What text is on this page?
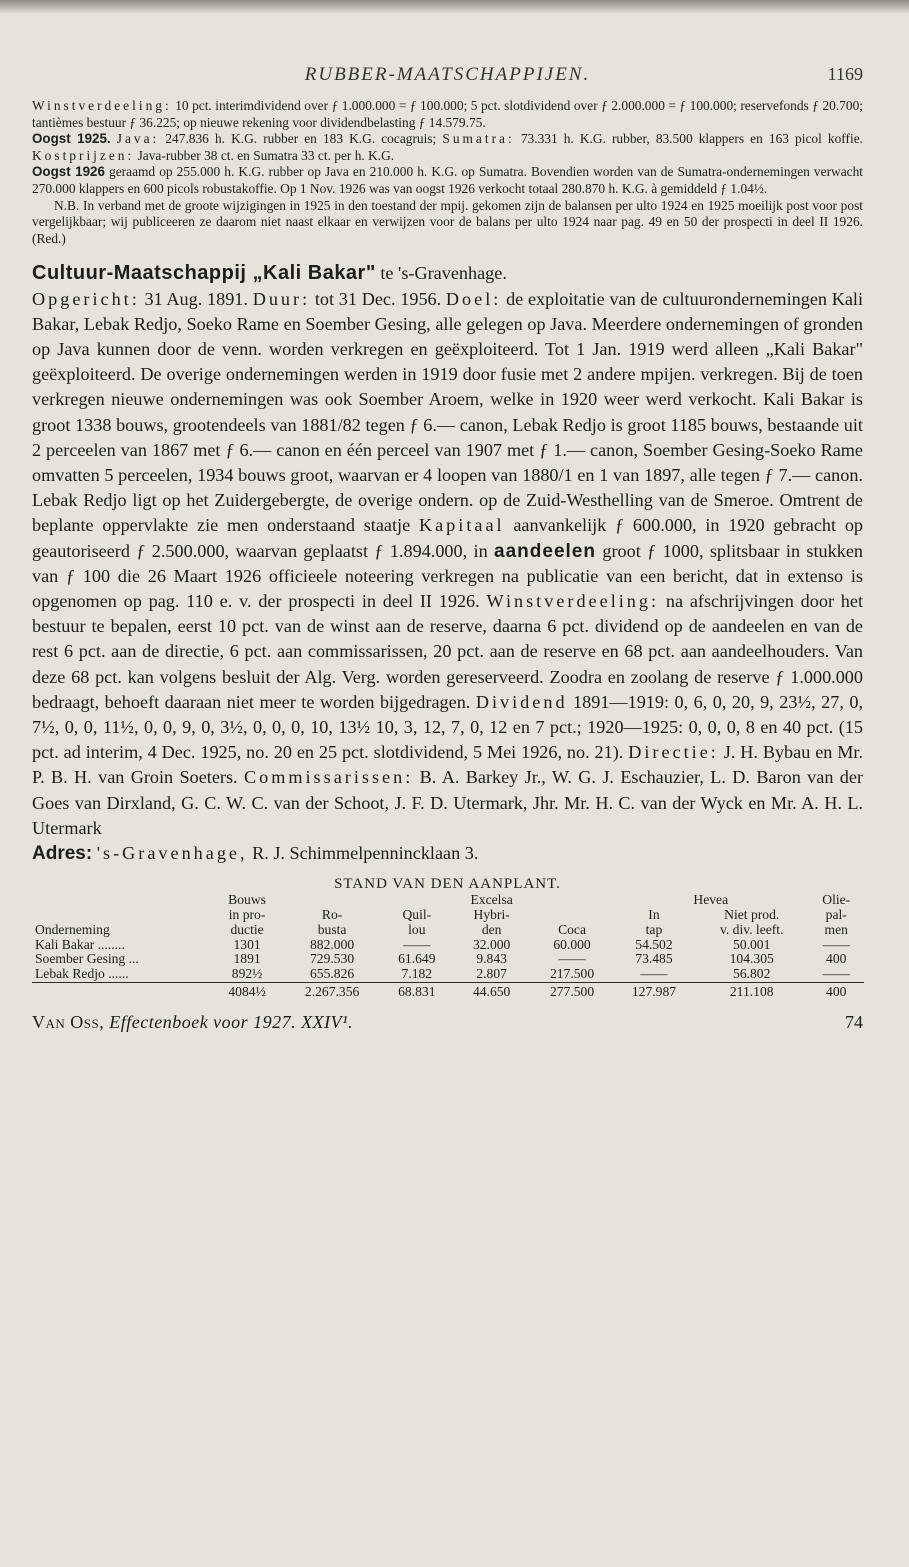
RUBBER-MAATSCHAPPIJEN.	1169

Winstverdeeling: 10 pct. interimdividend over ƒ 1.000.000 = ƒ 100.000; 5 pct. slotdividend over ƒ 2.000.000 = ƒ 100.000; reservefonds ƒ 20.700; tantièmes bestuur ƒ 36.225; op nieuwe rekening voor dividendbelasting ƒ 14.579.75.

Oogst 1925. Java: 247.836 h. K.G. rubber en 183 K.G. cocagruis; Sumatra: 73.331 h. K.G. rubber, 83.500 klappers en 163 picol koffie. Kostprijzen: Java-rubber 38 ct. en Sumatra 33 ct. per h. K.G.

Oogst 1926 geraamd op 255.000 h. K.G. rubber op Java en 210.000 h. K.G. op Sumatra. Bovendien worden van de Sumatra-ondernemingen verwacht 270.000 klappers en 600 picols robustakoffie. Op 1 Nov. 1926 was van oogst 1926 verkocht totaal 280.870 h. K.G. à gemiddeld ƒ 1.04½.

N.B. In verband met de groote wijzigingen in 1925 in den toestand der mpij. gekomen zijn de balansen per ulto 1924 en 1925 moeilijk post voor post vergelijkbaar; wij publiceeren ze daarom niet naast elkaar en verwijzen voor de balans per ulto 1924 naar pag. 49 en 50 der prospecti in deel II 1926. (Red.)

Cultuur-Maatschappij „Kali Bakar" te 's-Gravenhage.

Opgericht: 31 Aug. 1891. Duur: tot 31 Dec. 1956. Doel: de exploitatie van de cultuurondernemingen Kali Bakar, Lebak Redjo, Soeko Rame en Soember Gesing, alle gelegen op Java. Meerdere ondernemingen of gronden op Java kunnen door de venn. worden verkregen en geëxploiteerd. Tot 1 Jan. 1919 werd alleen „Kali Bakar" geëxploiteerd. De overige ondernemingen werden in 1919 door fusie met 2 andere mpijen. verkregen. Bij de toen verkregen nieuwe ondernemingen was ook Soember Aroem, welke in 1920 weer werd verkocht. Kali Bakar is groot 1338 bouws, grootendeels van 1881/82 tegen ƒ 6.— canon, Lebak Redjo is groot 1185 bouws, bestaande uit 2 perceelen van 1867 met ƒ 6.— canon en één perceel van 1907 met ƒ 1.— canon, Soember Gesing-Soeko Rame omvatten 5 perceelen, 1934 bouws groot, waarvan er 4 loopen van 1880/1 en 1 van 1897, alle tegen ƒ 7.— canon. Lebak Redjo ligt op het Zuidergebergte, de overige ondern. op de Zuid-Westhelling van de Smeroe. Omtrent de beplante oppervlakte zie men onderstaand staatje Kapitaal aanvankelijk ƒ 600.000, in 1920 gebracht op geautoriseerd ƒ 2.500.000, waarvan geplaatst ƒ 1.894.000, in aandeelen groot ƒ 1000, splitsbaar in stukken van ƒ 100 die 26 Maart 1926 officieele noteering verkregen na publicatie van een bericht, dat in extenso is opgenomen op pag. 110 e. v. der prospecti in deel II 1926. Winstverdeeling: na afschrijvingen door het bestuur te bepalen, eerst 10 pct. van de winst aan de reserve, daarna 6 pct. dividend op de aandeelen en van de rest 6 pct. aan de directie, 6 pct. aan commissarissen, 20 pct. aan de reserve en 68 pct. aan aandeelhouders. Van deze 68 pct. kan volgens besluit der Alg. Verg. worden gereserveerd. Zoodra en zoolang de reserve ƒ 1.000.000 bedraagt, behoeft daaraan niet meer te worden bijgedragen. Dividend 1891—1919: 0, 6, 0, 20, 9, 23½, 27, 0, 7½, 0, 0, 11½, 0, 0, 9, 0, 3½, 0, 0, 0, 10, 13½ 10, 3, 12, 7, 0, 12 en 7 pct.; 1920—1925: 0, 0, 0, 8 en 40 pct. (15 pct. ad interim, 4 Dec. 1925, no. 20 en 25 pct. slotdividend, 5 Mei 1926, no. 21). Directie: J. H. Bybau en Mr. P. B. H. van Groin Soeters. Commissarissen: B. A. Barkey Jr., W. G. J. Eschauzier, L. D. Baron van der Goes van Dirxland, G. C. W. C. van der Schoot, J. F. D. Utermark, Jhr. Mr. H. C. van der Wyck en Mr. A. H. L. Utermark

Adres: 's-Gravenhage, R. J. Schimmelpennincklaan 3.

STAND VAN DEN AANPLANT.
	Bouws			Excelsa		Hevea		Olie-
Onderneming	in pro-	Ro-	Quil-	Hybri-		In	Niet prod.	pal-
	ductie	busta	lou	den	Coca	tap	v. div. leeft.	men
Kali Bakar ........	1301	882.000	——	32.000	60.000	54.502	50.001	——
Soember Gesing ...	1891	729.530	61.649	9.843	——	73.485	104.305	400
Lebak Redjo ......	892½	655.826	7.182	2.807	217.500	——	56.802	——
	4084½	2.267.356	68.831	44.650	277.500	127.987	211.108	400
Van Oss, Effectenboek voor 1927. XXIV¹.	74
